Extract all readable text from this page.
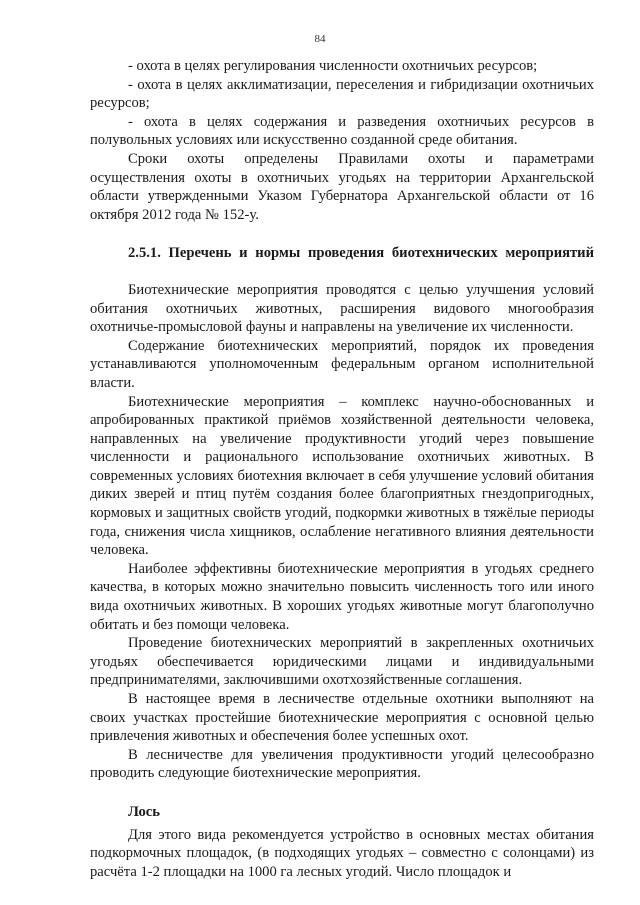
84

- охота в целях регулирования численности охотничьих ресурсов;

- охота в целях акклиматизации, переселения и гибридизации охотничьих ресурсов;

- охота в целях содержания и разведения охотничьих ресурсов в полувольных условиях или искусственно созданной среде обитания.

Сроки охоты определены Правилами охоты и параметрами осуществления охоты в охотничьих угодьях на территории Архангельской области утвержденными Указом Губернатора Архангельской области от 16 октября 2012 года № 152-у.

2.5.1. Перечень и нормы проведения биотехнических мероприятий

Биотехнические мероприятия проводятся с целью улучшения условий обитания охотничьих животных, расширения видового многообразия охотничье-промысловой фауны и направлены на увеличение их численности.

Содержание биотехнических мероприятий, порядок их проведения устанавливаются уполномоченным федеральным органом исполнительной власти.

Биотехнические мероприятия – комплекс научно-обоснованных и апробированных практикой приёмов хозяйственной деятельности человека, направленных на увеличение продуктивности угодий через повышение численности и рационального использование охотничьих животных. В современных условиях биотехния включает в себя улучшение условий обитания диких зверей и птиц путём создания более благоприятных гнездопригодных, кормовых и защитных свойств угодий, подкормки животных в тяжёлые периоды года, снижения числа хищников, ослабление негативного влияния деятельности человека.

Наиболее эффективны биотехнические мероприятия в угодьях среднего качества, в которых можно значительно повысить численность того или иного вида охотничьих животных. В хороших угодьях животные могут благополучно обитать и без помощи человека.

Проведение биотехнических мероприятий в закрепленных охотничьих угодьях обеспечивается юридическими лицами и индивидуальными предпринимателями, заключившими охотхозяйственные соглашения.

В настоящее время в лесничестве отдельные охотники выполняют на своих участках простейшие биотехнические мероприятия с основной целью привлечения животных и обеспечения более успешных охот.

В лесничестве для увеличения продуктивности угодий целесообразно проводить следующие биотехнические мероприятия.

Лось

Для этого вида рекомендуется устройство в основных местах обитания подкормочных площадок, (в подходящих угодьях – совместно с солонцами) из расчёта 1-2 площадки на 1000 га лесных угодий. Число площадок и
